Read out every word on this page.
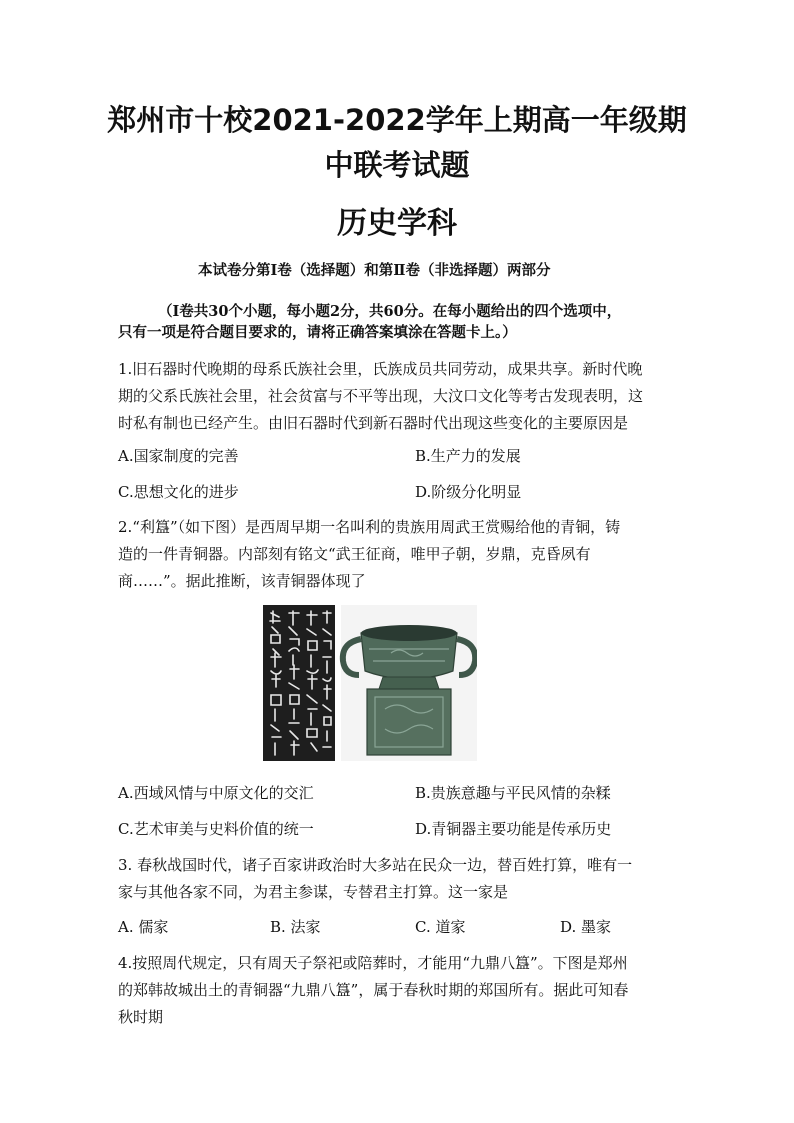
郑州市十校2021-2022学年上期高一年级期
中联考试题
历史学科
本试卷分第Ⅰ卷（选择题）和第Ⅱ卷（非选择题）两部分
（Ⅰ卷共30个小题，每小题2分，共60分。在每小题给出的四个选项中，
只有一项是符合题目要求的，请将正确答案填涂在答题卡上。）
1.旧石器时代晚期的母系氏族社会里，氏族成员共同劳动，成果共享。新时代晚
期的父系氏族社会里，社会贫富与不平等出现，大汶口文化等考古发现表明，这
时私有制也已经产生。由旧石器时代到新石器时代出现这些变化的主要原因是
A.国家制度的完善	B.生产力的发展
C.思想文化的进步	D.阶级分化明显
2.“利簋”（如下图）是西周早期一名叫利的贵族用周武王赏赐给他的青铜，铸
造的一件青铜器。内部刻有铭文“武王征商，唯甲子朝，岁鼎，克昏夙有
商……”。据此推断，该青铜器体现了
A.西域风情与中原文化的交汇	B.贵族意趣与平民风情的杂糅
C.艺术审美与史料价值的统一	D.青铜器主要功能是传承历史
3. 春秋战国时代，诸子百家讲政治时大多站在民众一边，替百姓打算，唯有一
家与其他各家不同，为君主参谋，专替君主打算。这一家是
A. 儒家	B. 法家	C. 道家	D. 墨家
4.按照周代规定，只有周天子祭祀或陪葬时，才能用“九鼎八簋”。下图是郑州
的郑韩故城出土的青铜器“九鼎八簋”，属于春秋时期的郑国所有。据此可知春
秋时期
